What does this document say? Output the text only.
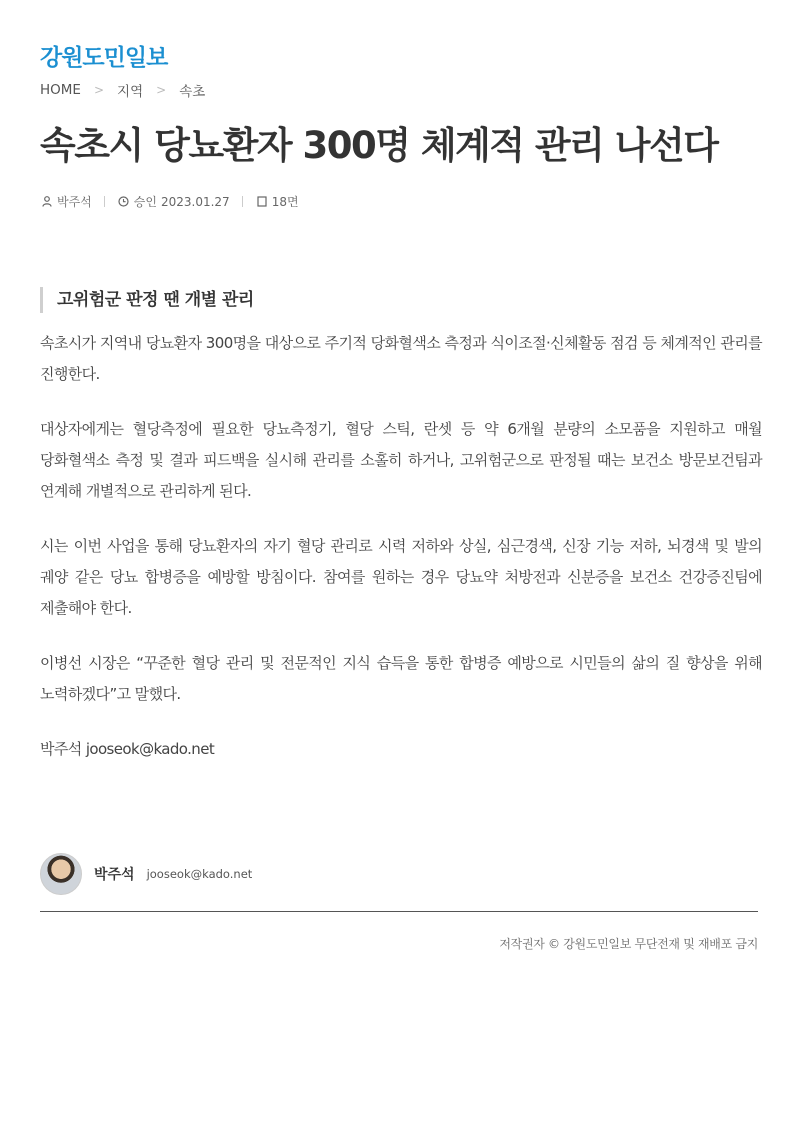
강원도민일보
HOME > 지역 > 속초
속초시 당뇨환자 300명 체계적 관리 나선다
박주석	승인 2023.01.27	18면
고위험군 판정 땐 개별 관리

속초시가 지역내 당뇨환자 300명을 대상으로 주기적 당화혈색소 측정과 식이조절·신체활동 점검 등 체계적인 관리를 진행한다.

대상자에게는 혈당측정에 필요한 당뇨측정기, 혈당 스틱, 란셋 등 약 6개월 분량의 소모품을 지원하고 매월 당화혈색소 측정 및 결과 피드백을 실시해 관리를 소홀히 하거나, 고위험군으로 판정될 때는 보건소 방문보건팀과 연계해 개별적으로 관리하게 된다.

시는 이번 사업을 통해 당뇨환자의 자기 혈당 관리로 시력 저하와 상실, 심근경색, 신장 기능 저하, 뇌경색 및 발의 궤양 같은 당뇨 합병증을 예방할 방침이다. 참여를 원하는 경우 당뇨약 처방전과 신분증을 보건소 건강증진팀에 제출해야 한다.

이병선 시장은 “꾸준한 혈당 관리 및 전문적인 지식 습득을 통한 합병증 예방으로 시민들의 삶의 질 향상을 위해 노력하겠다”고 말했다.

박주석 jooseok@kado.net

박주석 jooseok@kado.net
저작권자 © 강원도민일보 무단전재 및 재배포 금지
